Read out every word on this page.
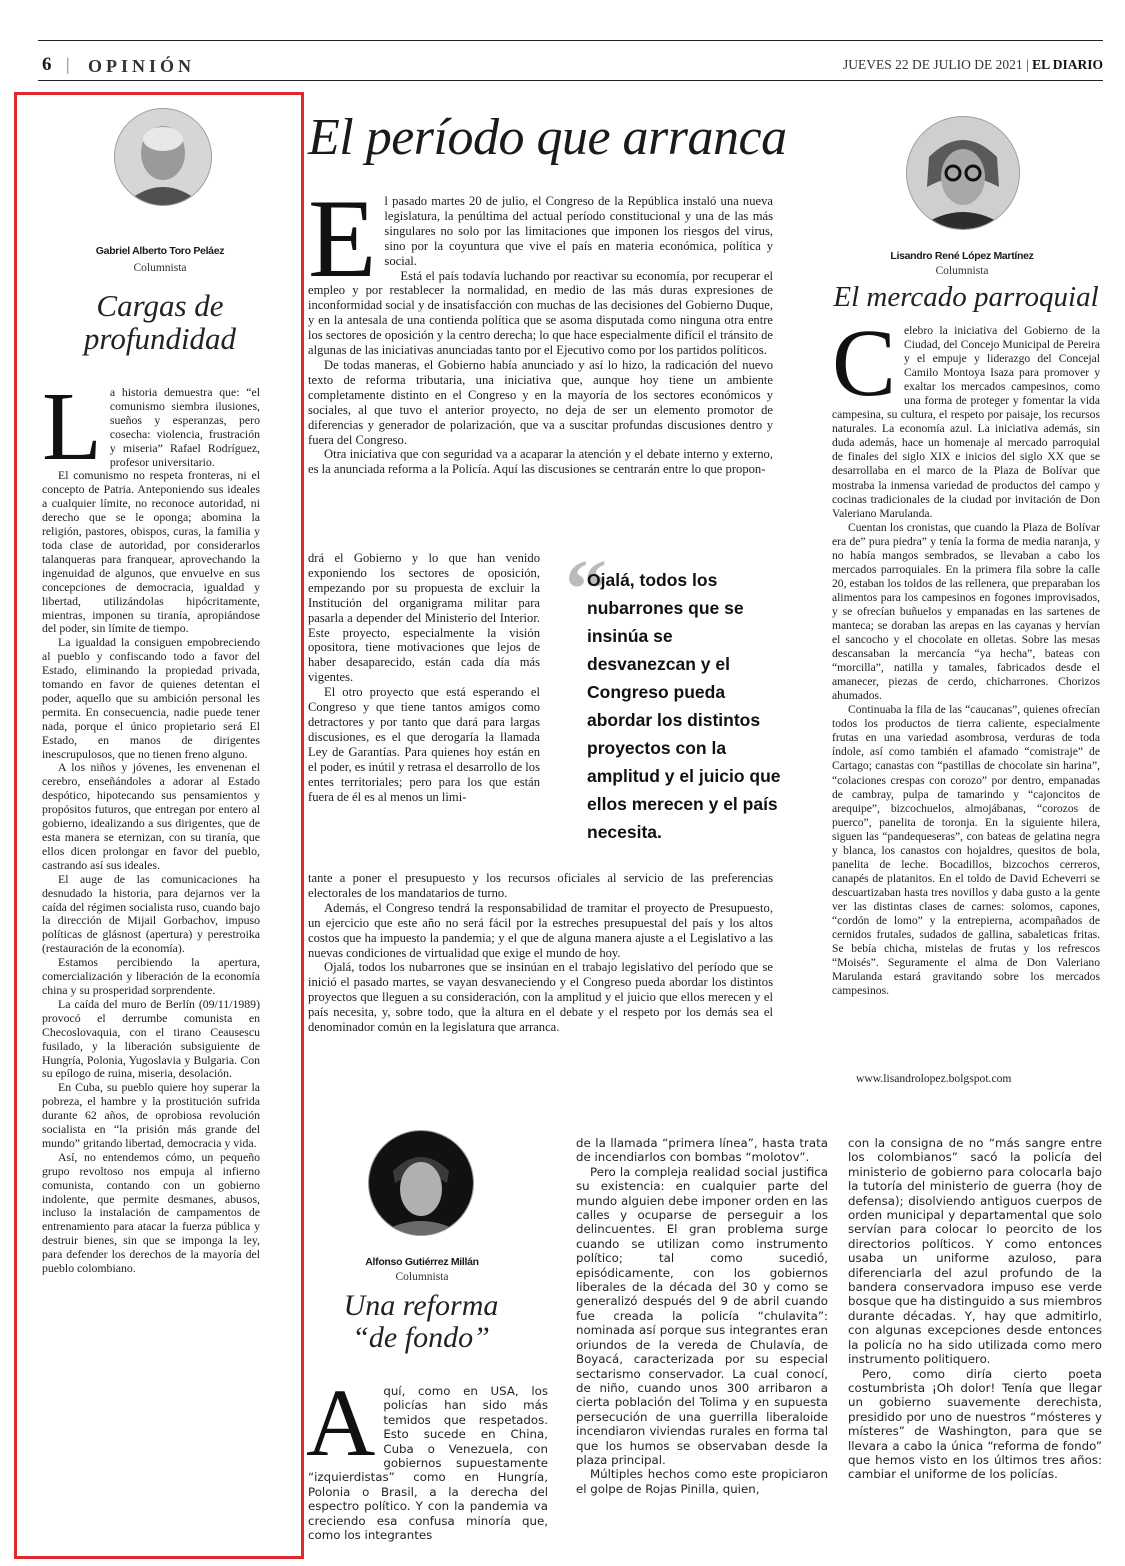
6 | OPINIÓN	JUEVES 22 DE JULIO DE 2021 | EL DIARIO
Gabriel Alberto Toro Peláez
Columnista
Cargas de
profundidad
L a historia demuestra que: “el comunismo siembra ilusiones, sueños y esperanzas, pero cosecha: violencia, frustración y miseria” Rafael Rodríguez, profesor universitario.

El comunismo no respeta fronteras, ni el concepto de Patria. Anteponiendo sus ideales a cualquier límite, no reconoce autoridad, ni derecho que se le oponga; abomina la religión, pastores, obispos, curas, la familia y toda clase de autoridad, por considerarlos talanqueras para franquear, aprovechando la ingenuidad de algunos, que envuelve en sus concepciones de democracia, igualdad y libertad, utilizándolas hipócritamente, mientras, imponen su tiranía, apropiándose del poder, sin límite de tiempo.

La igualdad la consiguen empobreciendo al pueblo y confiscando todo a favor del Estado, eliminando la propiedad privada, tomando en favor de quienes detentan el poder, aquello que su ambición personal les permita. En consecuencia, nadie puede tener nada, porque el único propietario será El Estado, en manos de dirigentes inescrupulosos, que no tienen freno alguno.

A los niños y jóvenes, les envenenan el cerebro, enseñándoles a adorar al Estado despótico, hipotecando sus pensamientos y propósitos futuros, que entregan por entero al gobierno, idealizando a sus dirigentes, que de esta manera se eternizan, con su tiranía, que ellos dicen prolongar en favor del pueblo, castrando así sus ideales.

El auge de las comunicaciones ha desnudado la historia, para dejarnos ver la caída del régimen socialista ruso, cuando bajo la dirección de Mijail Gorbachov, impuso políticas de glásnost (apertura) y perestroika (restauración de la economía).

Estamos percibiendo la apertura, comercialización y liberación de la economía china y su prosperidad sorprendente.

La caída del muro de Berlín (09/11/1989) provocó el derrumbe comunista en Checoslovaquia, con el tirano Ceausescu fusilado, y la liberación subsiguiente de Hungría, Polonia, Yugoslavia y Bulgaria. Con su epílogo de ruina, miseria, desolación.

En Cuba, su pueblo quiere hoy superar la pobreza, el hambre y la prostitución sufrida durante 62 años, de oprobiosa revolución socialista en “la prisión más grande del mundo” gritando libertad, democracia y vida.

Así, no entendemos cómo, un pequeño grupo revoltoso nos empuja al infierno comunista, contando con un gobierno indolente, que permite desmanes, abusos, incluso la instalación de campamentos de entrenamiento para atacar la fuerza pública y destruir bienes, sin que se imponga la ley, para defender los derechos de la mayoría del pueblo colombiano.

El período que arranca
E l pasado martes 20 de julio, el Congreso de la República instaló una nueva legislatura, la penúltima del actual período constitucional y una de las más singulares no solo por las limitaciones que imponen los riesgos del virus, sino por la coyuntura que vive el país en materia económica, política y social.

Está el país todavía luchando por reactivar su economía, por recuperar el empleo y por restablecer la normalidad, en medio de las más duras expresiones de inconformidad social y de insatisfacción con muchas de las decisiones del Gobierno Duque, y en la antesala de una contienda política que se asoma disputada como ninguna otra entre los sectores de oposición y la centro derecha; lo que hace especialmente difícil el tránsito de algunas de las iniciativas anunciadas tanto por el Ejecutivo como por los partidos políticos.

De todas maneras, el Gobierno había anunciado y así lo hizo, la radicación del nuevo texto de reforma tributaria, una iniciativa que, aunque hoy tiene un ambiente completamente distinto en el Congreso y en la mayoría de los sectores económicos y sociales, al que tuvo el anterior proyecto, no deja de ser un elemento promotor de diferencias y generador de polarización, que va a suscitar profundas discusiones dentro y fuera del Congreso.

Otra iniciativa que con seguridad va a acaparar la atención y el debate interno y externo, es la anunciada reforma a la Policía. Aquí las discusiones se centrarán entre lo que propon-

drá el Gobierno y lo que han venido exponiendo los sectores de oposición, empezando por su propuesta de excluir la Institución del organigrama militar para pasarla a depender del Ministerio del Interior. Este proyecto, especialmente la visión opositora, tiene motivaciones que lejos de haber desaparecido, están cada día más vigentes.

El otro proyecto que está esperando el Congreso y que tiene tantos amigos como detractores y por tanto que dará para largas discusiones, es el que derogaría la llamada Ley de Garantías. Para quienes hoy están en el poder, es inútil y retrasa el desarrollo de los entes territoriales; pero para los que están fuera de él es al menos un limi-

tante a poner el presupuesto y los recursos oficiales al servicio de las preferencias electorales de los mandatarios de turno.

Además, el Congreso tendrá la responsabilidad de tramitar el proyecto de Presupuesto, un ejercicio que este año no será fácil por la estreches presupuestal del país y los altos costos que ha impuesto la pandemia; y el que de alguna manera ajuste a el Legislativo a las nuevas condiciones de virtualidad que exige el mundo de hoy.

Ojalá, todos los nubarrones que se insinúan en el trabajo legislativo del período que se inició el pasado martes, se vayan desvaneciendo y el Congreso pueda abordar los distintos proyectos que lleguen a su consideración, con la amplitud y el juicio que ellos merecen y el país necesita, y, sobre todo, que la altura en el debate y el respeto por los demás sea el denominador común en la legislatura que arranca.

“
Ojalá, todos los nubarrones que se insinúa se desvanezcan y el Congreso pueda abordar los distintos proyectos con la amplitud y el juicio que ellos merecen y el país necesita.
Lisandro René López Martínez
Columnista
El mercado parroquial
C elebro la iniciativa del Gobierno de la Ciudad, del Concejo Municipal de Pereira y el empuje y liderazgo del Concejal Camilo Montoya Isaza para promover y exaltar los mercados campesinos, como una forma de proteger y fomentar la vida campesina, su cultura, el respeto por paisaje, los recursos naturales. La economía azul. La iniciativa además, sin duda además, hace un homenaje al mercado parroquial de finales del siglo XIX e inicios del siglo XX que se desarrollaba en el marco de la Plaza de Bolívar que mostraba la inmensa variedad de productos del campo y cocinas tradicionales de la ciudad por invitación de Don Valeriano Marulanda.

Cuentan los cronistas, que cuando la Plaza de Bolívar era de” pura piedra” y tenía la forma de media naranja, y no había mangos sembrados, se llevaban a cabo los mercados parroquiales. En la primera fila sobre la calle 20, estaban los toldos de las rellenera, que preparaban los alimentos para los campesinos en fogones improvisados, y se ofrecían buñuelos y empanadas en las sartenes de manteca; se doraban las arepas en las cayanas y hervían el sancocho y el chocolate en olletas. Sobre las mesas descansaban la mercancía “ya hecha”, bateas con “morcilla”, natilla y tamales, fabricados desde el amanecer, piezas de cerdo, chicharrones. Chorizos ahumados.

Continuaba la fila de las “caucanas”, quienes ofrecían todos los productos de tierra caliente, especialmente frutas en una variedad asombrosa, verduras de toda índole, así como también el afamado “comistraje” de Cartago; canastas con “pastillas de chocolate sin harina”, “colaciones crespas con corozo” por dentro, empanadas de cambray, pulpa de tamarindo y “cajoncitos de arequipe”, bizcochuelos, almojábanas, “corozos de puerco”, panelita de toronja. En la siguiente hilera, siguen las “pandequeseras”, con bateas de gelatina negra y blanca, los canastos con hojaldres, quesitos de bola, panelita de leche. Bocadillos, bizcochos cerreros, canapés de platanitos. En el toldo de David Echeverri se descuartizaban hasta tres novillos y daba gusto a la gente ver las distintas clases de carnes: solomos, capones, “cordón de lomo” y la entrepierna, acompañados de cernidos frutales, sudados de gallina, sabaleticas fritas. Se bebía chicha, mistelas de frutas y los refrescos “Moisés”. Seguramente el alma de Don Valeriano Marulanda estará gravitando sobre los mercados campesinos.

Alfonso Gutiérrez Millán
Columnista
Una reforma
“de fondo”
A quí, como en USA, los policías han sido más temidos que respetados. Esto sucede en China, Cuba o Venezuela, con gobiernos supuestamente “izquierdistas” como en Hungría, Polonia o Brasil, a la derecha del espectro político. Y con la pandemia va creciendo esa confusa minoría que, como los integrantes

de la llamada “primera línea”, hasta trata de incendiarlos con bombas “molotov”.

Pero la compleja realidad social justifica su existencia: en cualquier parte del mundo alguien debe imponer orden en las calles y ocuparse de perseguir a los delincuentes. El gran problema surge cuando se utilizan como instrumento político; tal como sucedió, episódicamente, con los gobiernos liberales de la década del 30 y como se generalizó después del 9 de abril cuando fue creada la policía “chulavita”: nominada así porque sus integrantes eran oriundos de la vereda de Chulavía, de Boyacá, caracterizada por su especial sectarismo conservador. La cual conocí, de niño, cuando unos 300 arribaron a cierta población del Tolima y en supuesta persecución de una guerrilla liberaloide incendiaron viviendas rurales en forma tal que los humos se observaban desde la plaza principal.

Múltiples hechos como este propiciaron el golpe de Rojas Pinilla, quien,

con la consigna de no “más sangre entre los colombianos” sacó la policía del ministerio de gobierno para colocarla bajo la tutoría del ministerio de guerra (hoy de defensa); disolviendo antiguos cuerpos de orden municipal y departamental que solo servían para colocar lo peorcito de los directorios políticos. Y como entonces usaba un uniforme azuloso, para diferenciarla del azul profundo de la bandera conservadora impuso ese verde bosque que ha distinguido a sus miembros durante décadas. Y, hay que admitirlo, con algunas excepciones desde entonces la policía no ha sido utilizada como mero instrumento politiquero.

Pero, como diría cierto poeta costumbrista ¡Oh dolor! Tenía que llegar un gobierno suavemente derechista, presidido por uno de nuestros “mósteres y místeres” de Washington, para que se llevara a cabo la única “reforma de fondo” que hemos visto en los últimos tres años: cambiar el uniforme de los policías.

www.lisandrolopez.bolgspot.com
